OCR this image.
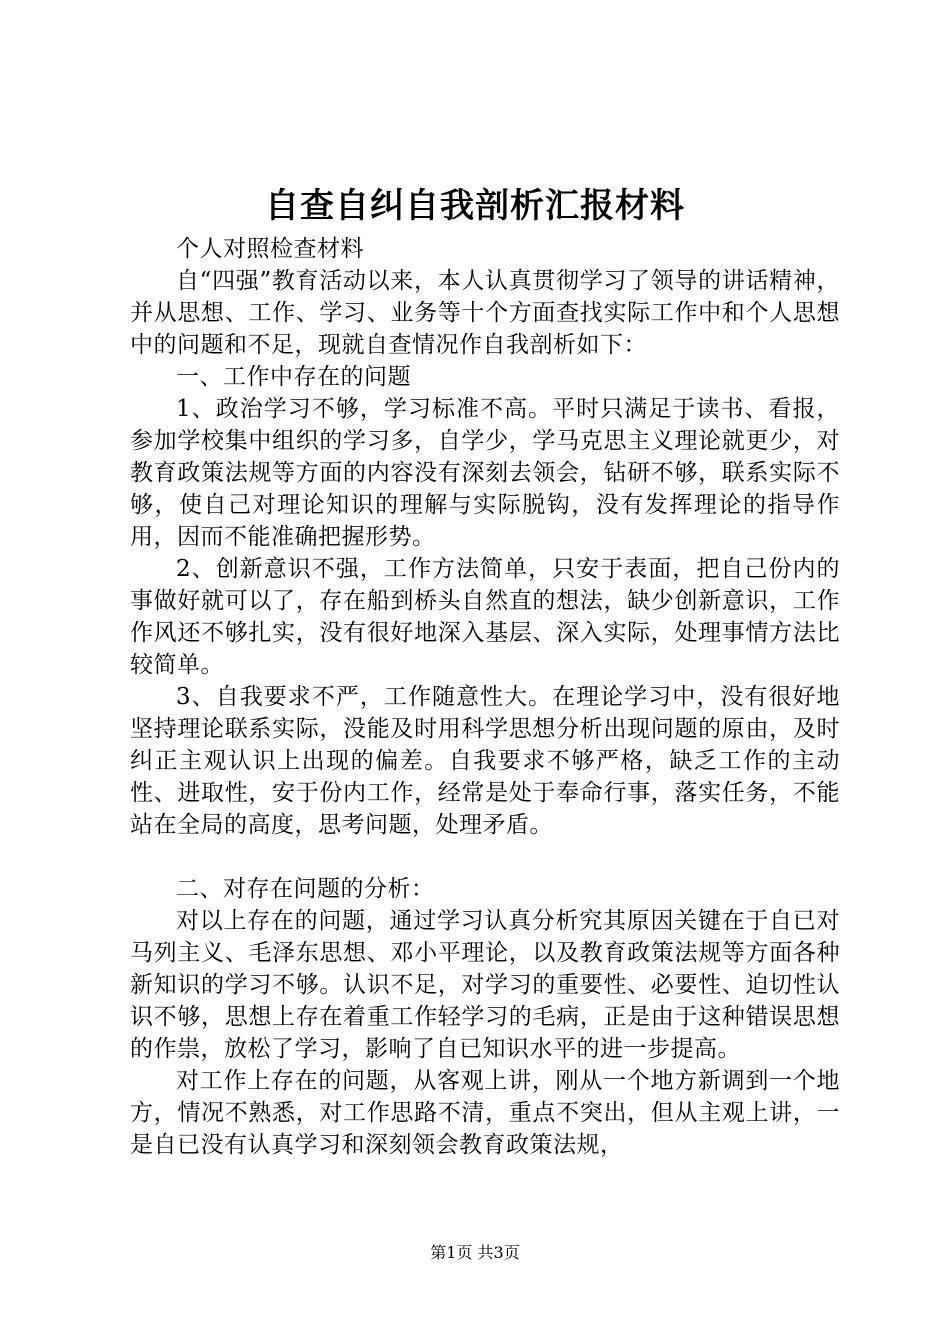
自查自纠自我剖析汇报材料

个人对照检查材料

自“四强”教育活动以来，本人认真贯彻学习了领导的讲话精神，并从思想、工作、学习、业务等十个方面查找实际工作中和个人思想中的问题和不足，现就自查情况作自我剖析如下：

一、工作中存在的问题

1、政治学习不够，学习标准不高。平时只满足于读书、看报，参加学校集中组织的学习多，自学少，学马克思主义理论就更少，对教育政策法规等方面的内容没有深刻去领会，钻研不够，联系实际不够，使自己对理论知识的理解与实际脱钩，没有发挥理论的指导作用，因而不能准确把握形势。

2、创新意识不强，工作方法简单，只安于表面，把自己份内的事做好就可以了，存在船到桥头自然直的想法，缺少创新意识，工作作风还不够扎实，没有很好地深入基层、深入实际，处理事情方法比较简单。

3、自我要求不严，工作随意性大。在理论学习中，没有很好地坚持理论联系实际，没能及时用科学思想分析出现问题的原由，及时纠正主观认识上出现的偏差。自我要求不够严格，缺乏工作的主动性、进取性，安于份内工作，经常是处于奉命行事，落实任务，不能站在全局的高度，思考问题，处理矛盾。

二、对存在问题的分析：

对以上存在的问题，通过学习认真分析究其原因关键在于自已对马列主义、毛泽东思想、邓小平理论，以及教育政策法规等方面各种新知识的学习不够。认识不足，对学习的重要性、必要性、迫切性认识不够，思想上存在着重工作轻学习的毛病，正是由于这种错误思想的作祟，放松了学习，影响了自已知识水平的进一步提高。

对工作上存在的问题，从客观上讲，刚从一个地方新调到一个地方，情况不熟悉，对工作思路不清，重点不突出，但从主观上讲，一是自已没有认真学习和深刻领会教育政策法规，

第1页 共3页
